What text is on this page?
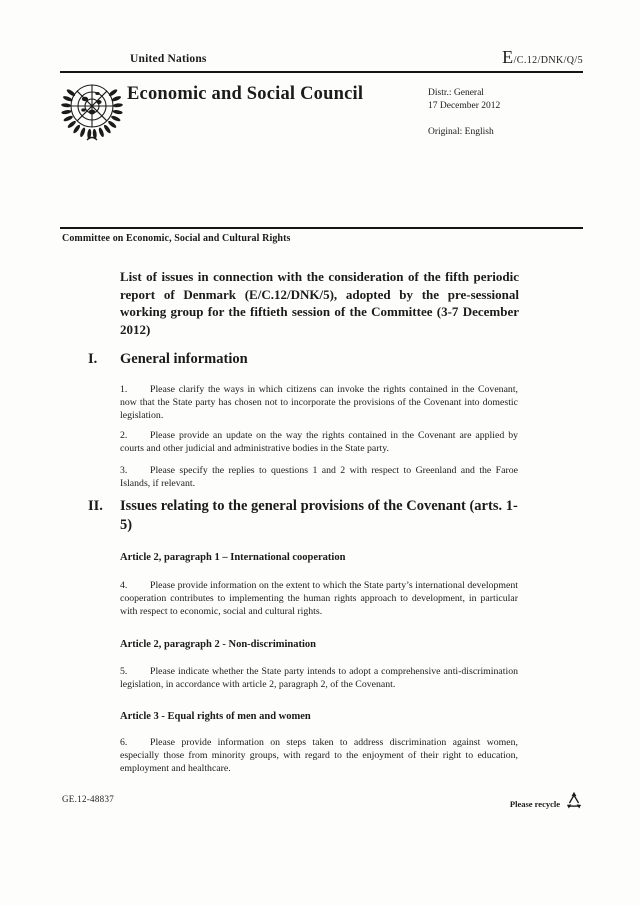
United Nations	E /C.12/DNK/Q/5
Economic and Social Council	Distr.: General
17 December 2012
Original: English
Committee on Economic, Social and Cultural Rights
List of issues in connection with the consideration of the fifth periodic report of Denmark (E/C.12/DNK/5), adopted by the pre-sessional working group for the fiftieth session of the Committee (3-7 December 2012)
I. General information
1. Please clarify the ways in which citizens can invoke the rights contained in the Covenant, now that the State party has chosen not to incorporate the provisions of the Covenant into domestic legislation.
2. Please provide an update on the way the rights contained in the Covenant are applied by courts and other judicial and administrative bodies in the State party.
3. Please specify the replies to questions 1 and 2 with respect to Greenland and the Faroe Islands, if relevant.
II. Issues relating to the general provisions of the Covenant (arts. 1-5)
Article 2, paragraph 1 – International cooperation
4. Please provide information on the extent to which the State party’s international development cooperation contributes to implementing the human rights approach to development, in particular with respect to economic, social and cultural rights.
Article 2, paragraph 2 - Non-discrimination
5. Please indicate whether the State party intends to adopt a comprehensive anti-discrimination legislation, in accordance with article 2, paragraph 2, of the Covenant.
Article 3 - Equal rights of men and women
6. Please provide information on steps taken to address discrimination against women, especially those from minority groups, with regard to the enjoyment of their right to education, employment and healthcare.
GE.12-48837	Please recycle
